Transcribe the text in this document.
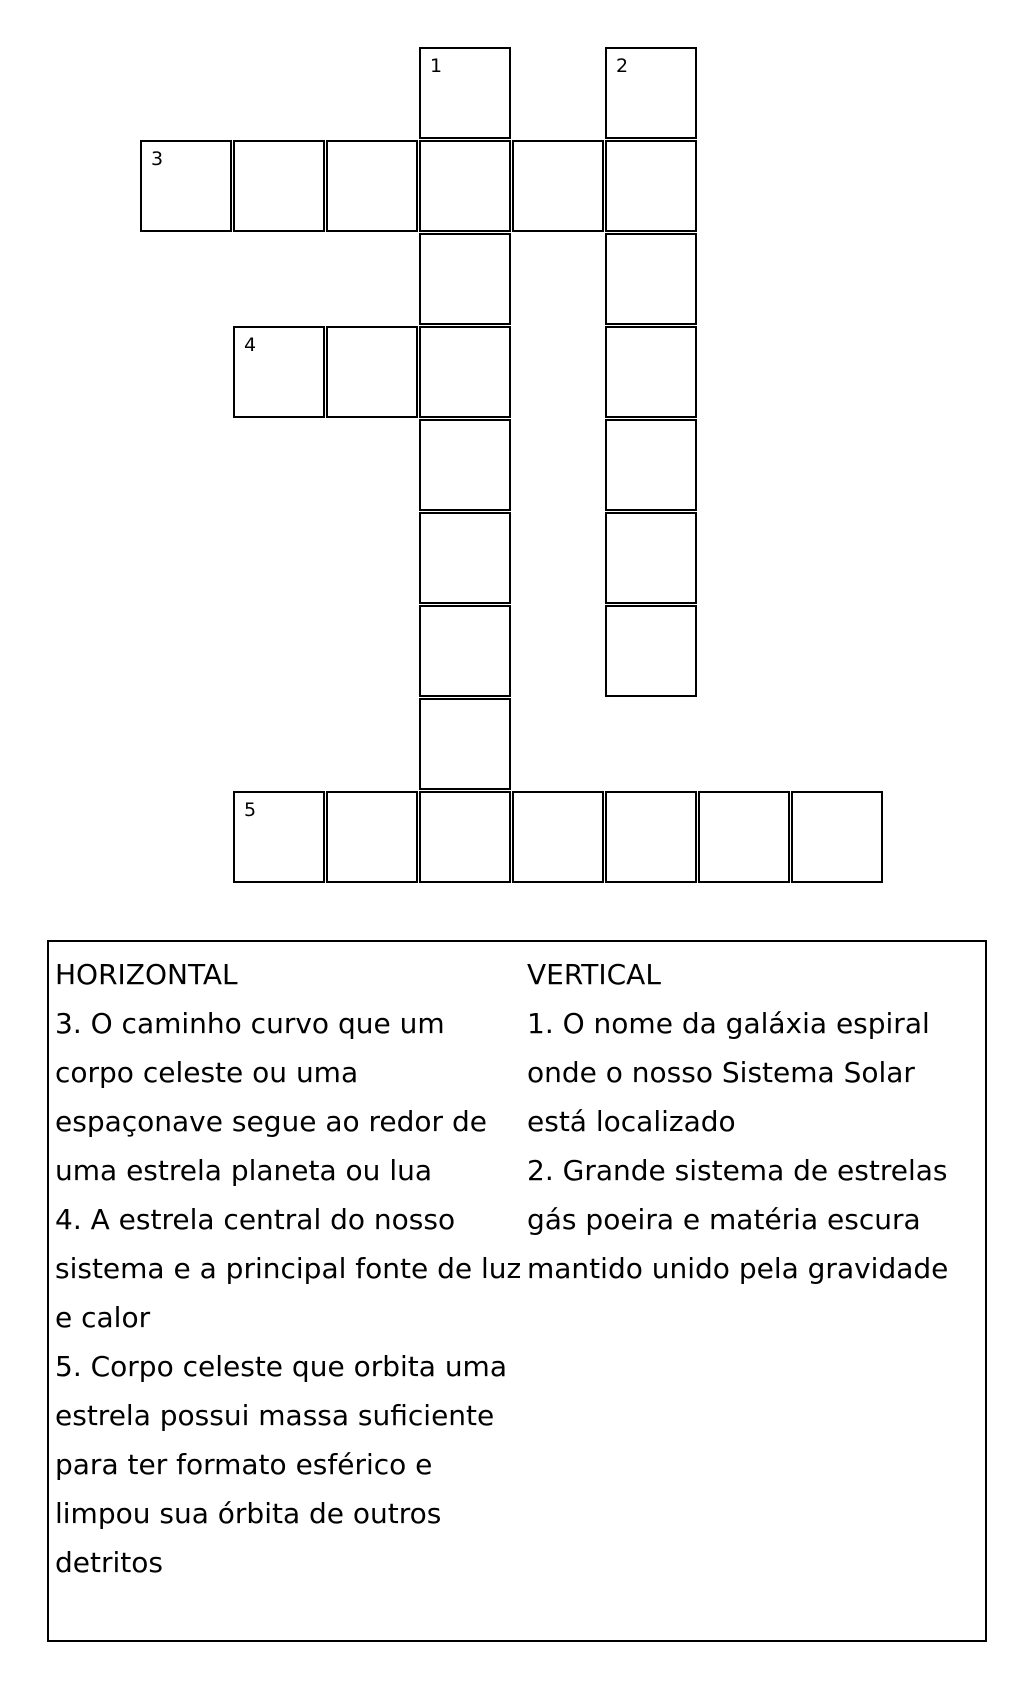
1	2
3
4
5
HORIZONTAL

3. O caminho curvo que um corpo celeste ou uma espaçonave segue ao redor de uma estrela planeta ou lua

4. A estrela central do nosso sistema e a principal fonte de luz e calor

5. Corpo celeste que orbita uma estrela possui massa suficiente para ter formato esférico e limpou sua órbita de outros detritos

VERTICAL

1. O nome da galáxia espiral onde o nosso Sistema Solar está localizado

2. Grande sistema de estrelas gás poeira e matéria escura mantido unido pela gravidade
